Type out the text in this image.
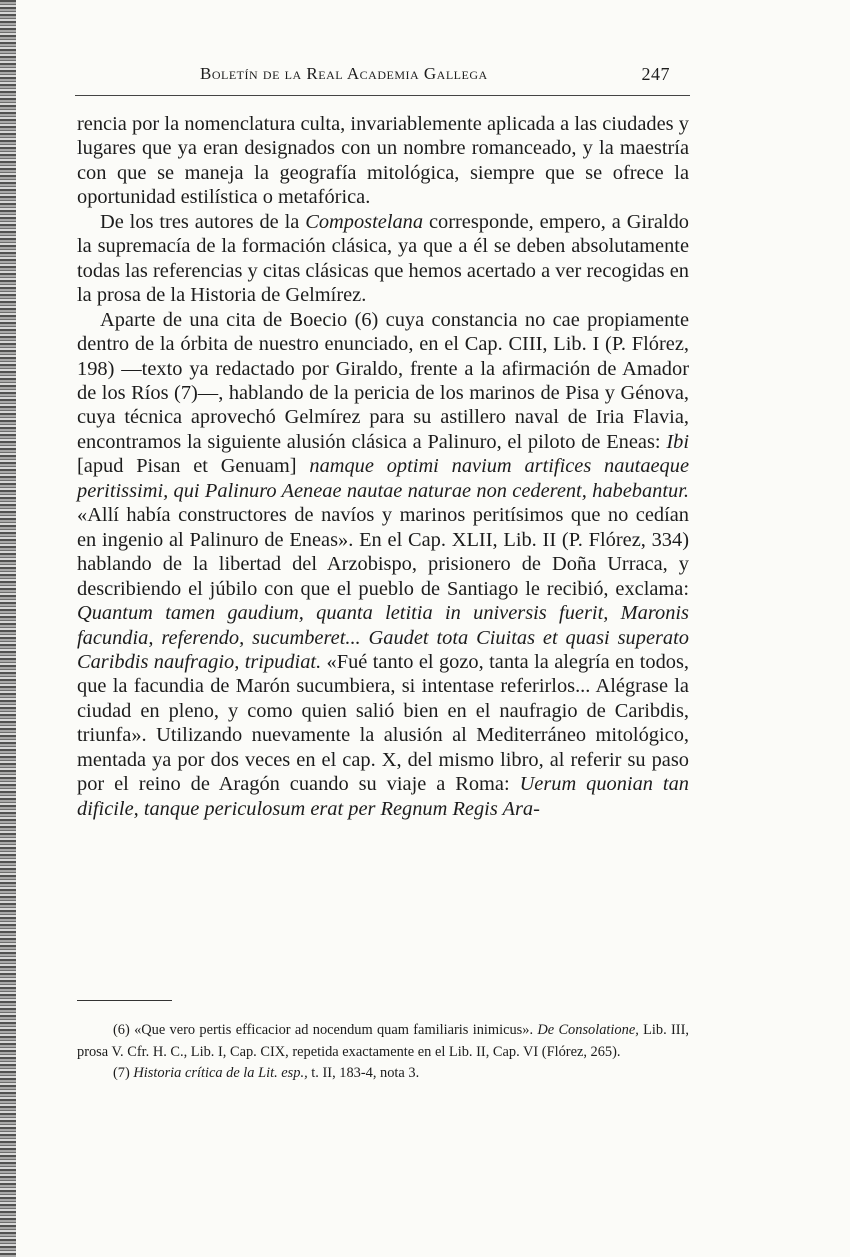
Boletín de la Real Academia Gallega	247

rencia por la nomenclatura culta, invariablemente aplicada a las ciudades y lugares que ya eran designados con un nombre romanceado, y la maestría con que se maneja la geografía mitológica, siempre que se ofrece la oportunidad estilística o metafórica.

De los tres autores de la Compostelana corresponde, empero, a Giraldo la supremacía de la formación clásica, ya que a él se deben absolutamente todas las referencias y citas clásicas que hemos acertado a ver recogidas en la prosa de la Historia de Gelmírez.

Aparte de una cita de Boecio (6) cuya constancia no cae propiamente dentro de la órbita de nuestro enunciado, en el Cap. CIII, Lib. I (P. Flórez, 198) —texto ya redactado por Giraldo, frente a la afirmación de Amador de los Ríos (7)—, hablando de la pericia de los marinos de Pisa y Génova, cuya técnica aprovechó Gelmírez para su astillero naval de Iria Flavia, encontramos la siguiente alusión clásica a Palinuro, el piloto de Eneas: Ibi [apud Pisan et Genuam] namque optimi navium artifices nautaeque peritissimi, qui Palinuro Aeneae nautae naturae non cederent, habebantur. «Allí había constructores de navíos y marinos peritísimos que no cedían en ingenio al Palinuro de Eneas». En el Cap. XLII, Lib. II (P. Flórez, 334) hablando de la libertad del Arzobispo, prisionero de Doña Urraca, y describiendo el júbilo con que el pueblo de Santiago le recibió, exclama: Quantum tamen gaudium, quanta letitia in universis fuerit, Maronis facundia, referendo, sucumberet... Gaudet tota Ciuitas et quasi superato Caribdis naufragio, tripudiat. «Fué tanto el gozo, tanta la alegría en todos, que la facundia de Marón sucumbiera, si intentase referirlos... Alégrase la ciudad en pleno, y como quien salió bien en el naufragio de Caribdis, triunfa». Utilizando nuevamente la alusión al Mediterráneo mitológico, mentada ya por dos veces en el cap. X, del mismo libro, al referir su paso por el reino de Aragón cuando su viaje a Roma: Uerum quonian tan dificile, tanque periculosum erat per Regnum Regis Ara-

(6) «Que vero pertis efficacior ad nocendum quam familiaris inimicus». De Consolatione, Lib. III, prosa V. Cfr. H. C., Lib. I, Cap. CIX, repetida exactamente en el Lib. II, Cap. VI (Flórez, 265).

(7) Historia crítica de la Lit. esp., t. II, 183-4, nota 3.
